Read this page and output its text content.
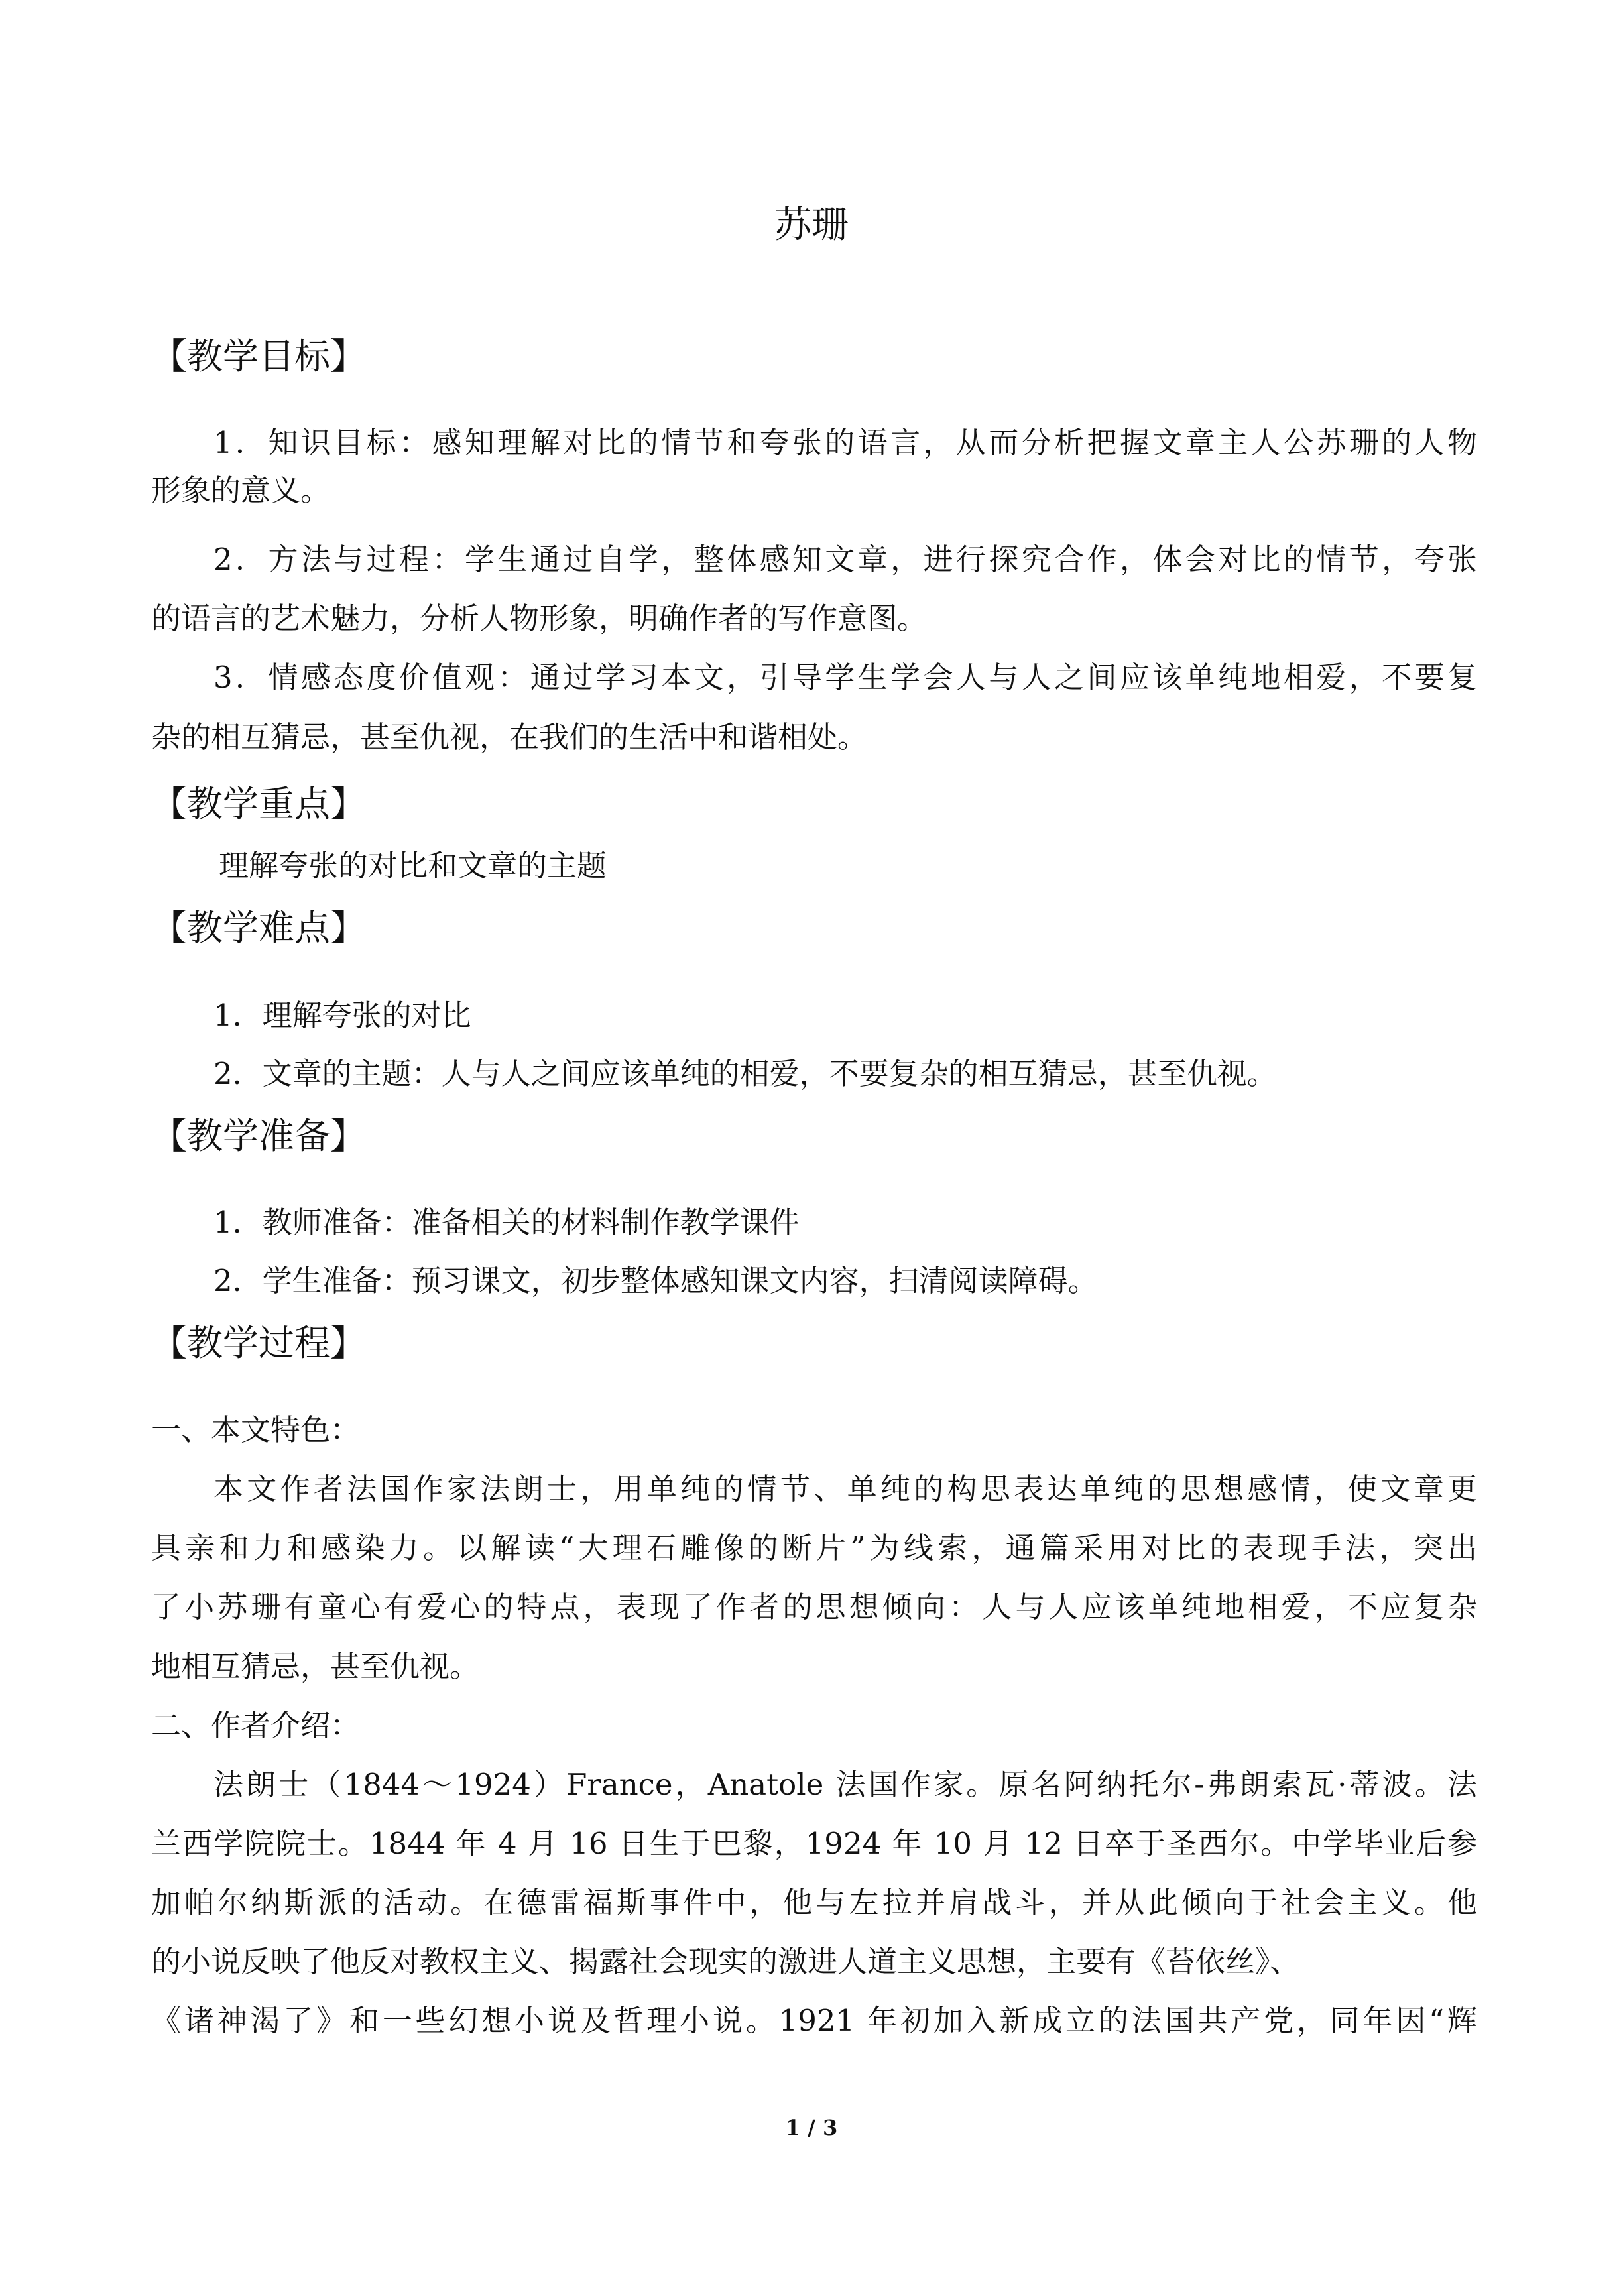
苏珊
【教学目标】
1．知识目标：感知理解对比的情节和夸张的语言，从而分析把握文章主人公苏珊的人物
形象的意义。
2．方法与过程：学生通过自学，整体感知文章，进行探究合作，体会对比的情节，夸张
的语言的艺术魅力，分析人物形象，明确作者的写作意图。
3．情感态度价值观：通过学习本文，引导学生学会人与人之间应该单纯地相爱，不要复
杂的相互猜忌，甚至仇视，在我们的生活中和谐相处。
【教学重点】
理解夸张的对比和文章的主题
【教学难点】
1．理解夸张的对比
2．文章的主题：人与人之间应该单纯的相爱，不要复杂的相互猜忌，甚至仇视。
【教学准备】
1．教师准备：准备相关的材料制作教学课件
2．学生准备：预习课文，初步整体感知课文内容，扫清阅读障碍。
【教学过程】
一、本文特色：
本文作者法国作家法朗士，用单纯的情节、单纯的构思表达单纯的思想感情，使文章更
具亲和力和感染力。以解读“大理石雕像的断片”为线索，通篇采用对比的表现手法，突出
了小苏珊有童心有爱心的特点，表现了作者的思想倾向：人与人应该单纯地相爱，不应复杂
地相互猜忌，甚至仇视。
二、作者介绍：
法朗士（1844～1924）France，Anatole 法国作家。原名阿纳托尔-弗朗索瓦·蒂波。法
兰西学院院士。1844 年 4 月 16 日生于巴黎，1924 年 10 月 12 日卒于圣西尔。中学毕业后参
加帕尔纳斯派的活动。在德雷福斯事件中，他与左拉并肩战斗，并从此倾向于社会主义。他
的小说反映了他反对教权主义、揭露社会现实的激进人道主义思想，主要有《苔依丝》、
《诸神渴了》和一些幻想小说及哲理小说。1921 年初加入新成立的法国共产党，同年因“辉
1 / 3
